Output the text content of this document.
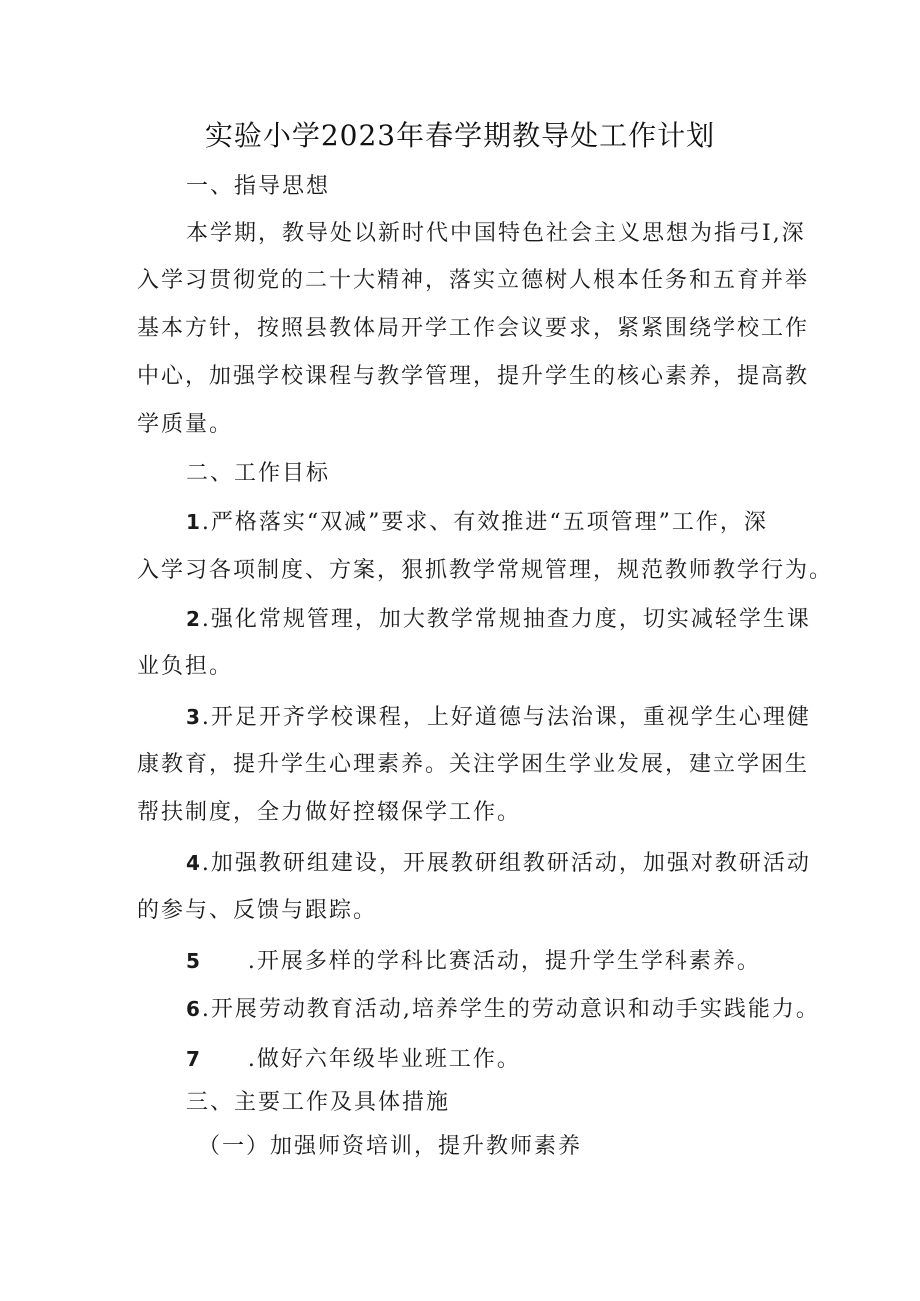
实验小学2023年春学期教导处工作计划
一、指导思想
本学期，教导处以新时代中国特色社会主义思想为指弓I,深
入学习贯彻党的二十大精神，落实立德树人根本任务和五育并举
基本方针，按照县教体局开学工作会议要求，紧紧围绕学校工作
中心，加强学校课程与教学管理，提升学生的核心素养，提高教
学质量。
二、工作目标
1.严格落实“双减”要求、有效推进“五项管理”工作，深
入学习各项制度、方案，狠抓教学常规管理，规范教师教学行为。
2.强化常规管理，加大教学常规抽查力度，切实减轻学生课
业负担。
3.开足开齐学校课程，上好道德与法治课，重视学生心理健
康教育，提升学生心理素养。关注学困生学业发展，建立学困生
帮扶制度，全力做好控辍保学工作。
4.加强教研组建设，开展教研组教研活动，加强对教研活动
的参与、反馈与跟踪。
5 .开展多样的学科比赛活动，提升学生学科素养。
6.开展劳动教育活动,培养学生的劳动意识和动手实践能力。
7 .做好六年级毕业班工作。
三、主要工作及具体措施
（一）加强师资培训，提升教师素养
